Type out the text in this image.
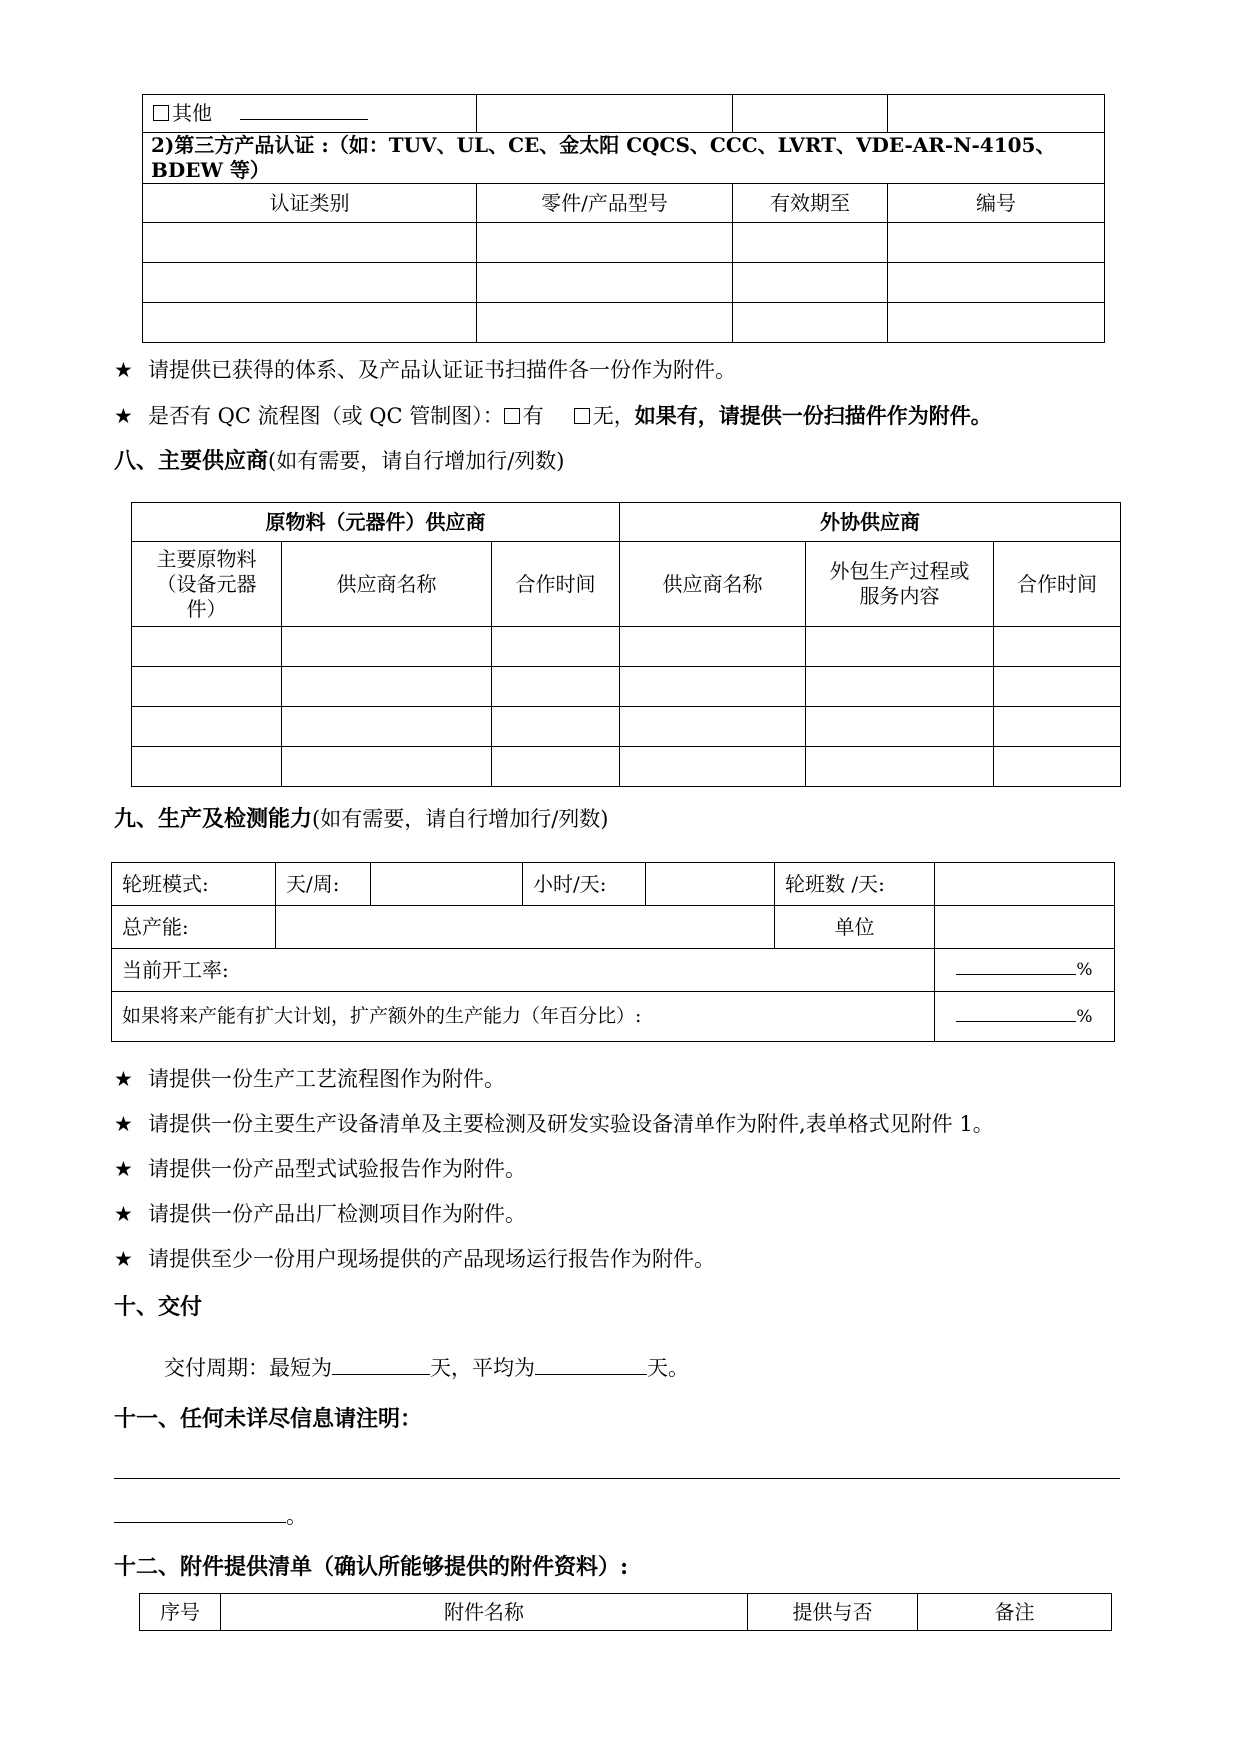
其他			
2)第三方产品认证 :（如：TUV、UL、CE、金太阳 CQCS、CCC、LVRT、VDE-AR-N-4105、BDEW 等）			
认证类别	零件/产品型号	有效期至	编号

★ 请提供已获得的体系、及产品认证证书扫描件各一份作为附件。
★ 是否有 QC 流程图（或 QC 管制图）： 有 无，如果有，请提供一份扫描件作为附件。
八、主要供应商(如有需要，请自行增加行/列数)
原物料（元器件）供应商			外协供应商		
主要原物料（设备元器件）	供应商名称	合作时间	供应商名称	外包生产过程或服务内容	合作时间

九、生产及检测能力(如有需要，请自行增加行/列数)
轮班模式:	天/周:		小时/天:		轮班数 /天:	
总产能:					单位	
当前开工率:						%
如果将来产能有扩大计划，扩产额外的生产能力（年百分比）:						%
★ 请提供一份生产工艺流程图作为附件。
★ 请提供一份主要生产设备清单及主要检测及研发实验设备清单作为附件,表单格式见附件 1。
★ 请提供一份产品型式试验报告作为附件。
★ 请提供一份产品出厂检测项目作为附件。
★ 请提供至少一份用户现场提供的产品现场运行报告作为附件。
十、交付
交付周期：最短为	天，平均为	天。
十一、任何未详尽信息请注明：
。
十二、附件提供清单（确认所能够提供的附件资料）:
序号	附件名称	提供与否	备注
